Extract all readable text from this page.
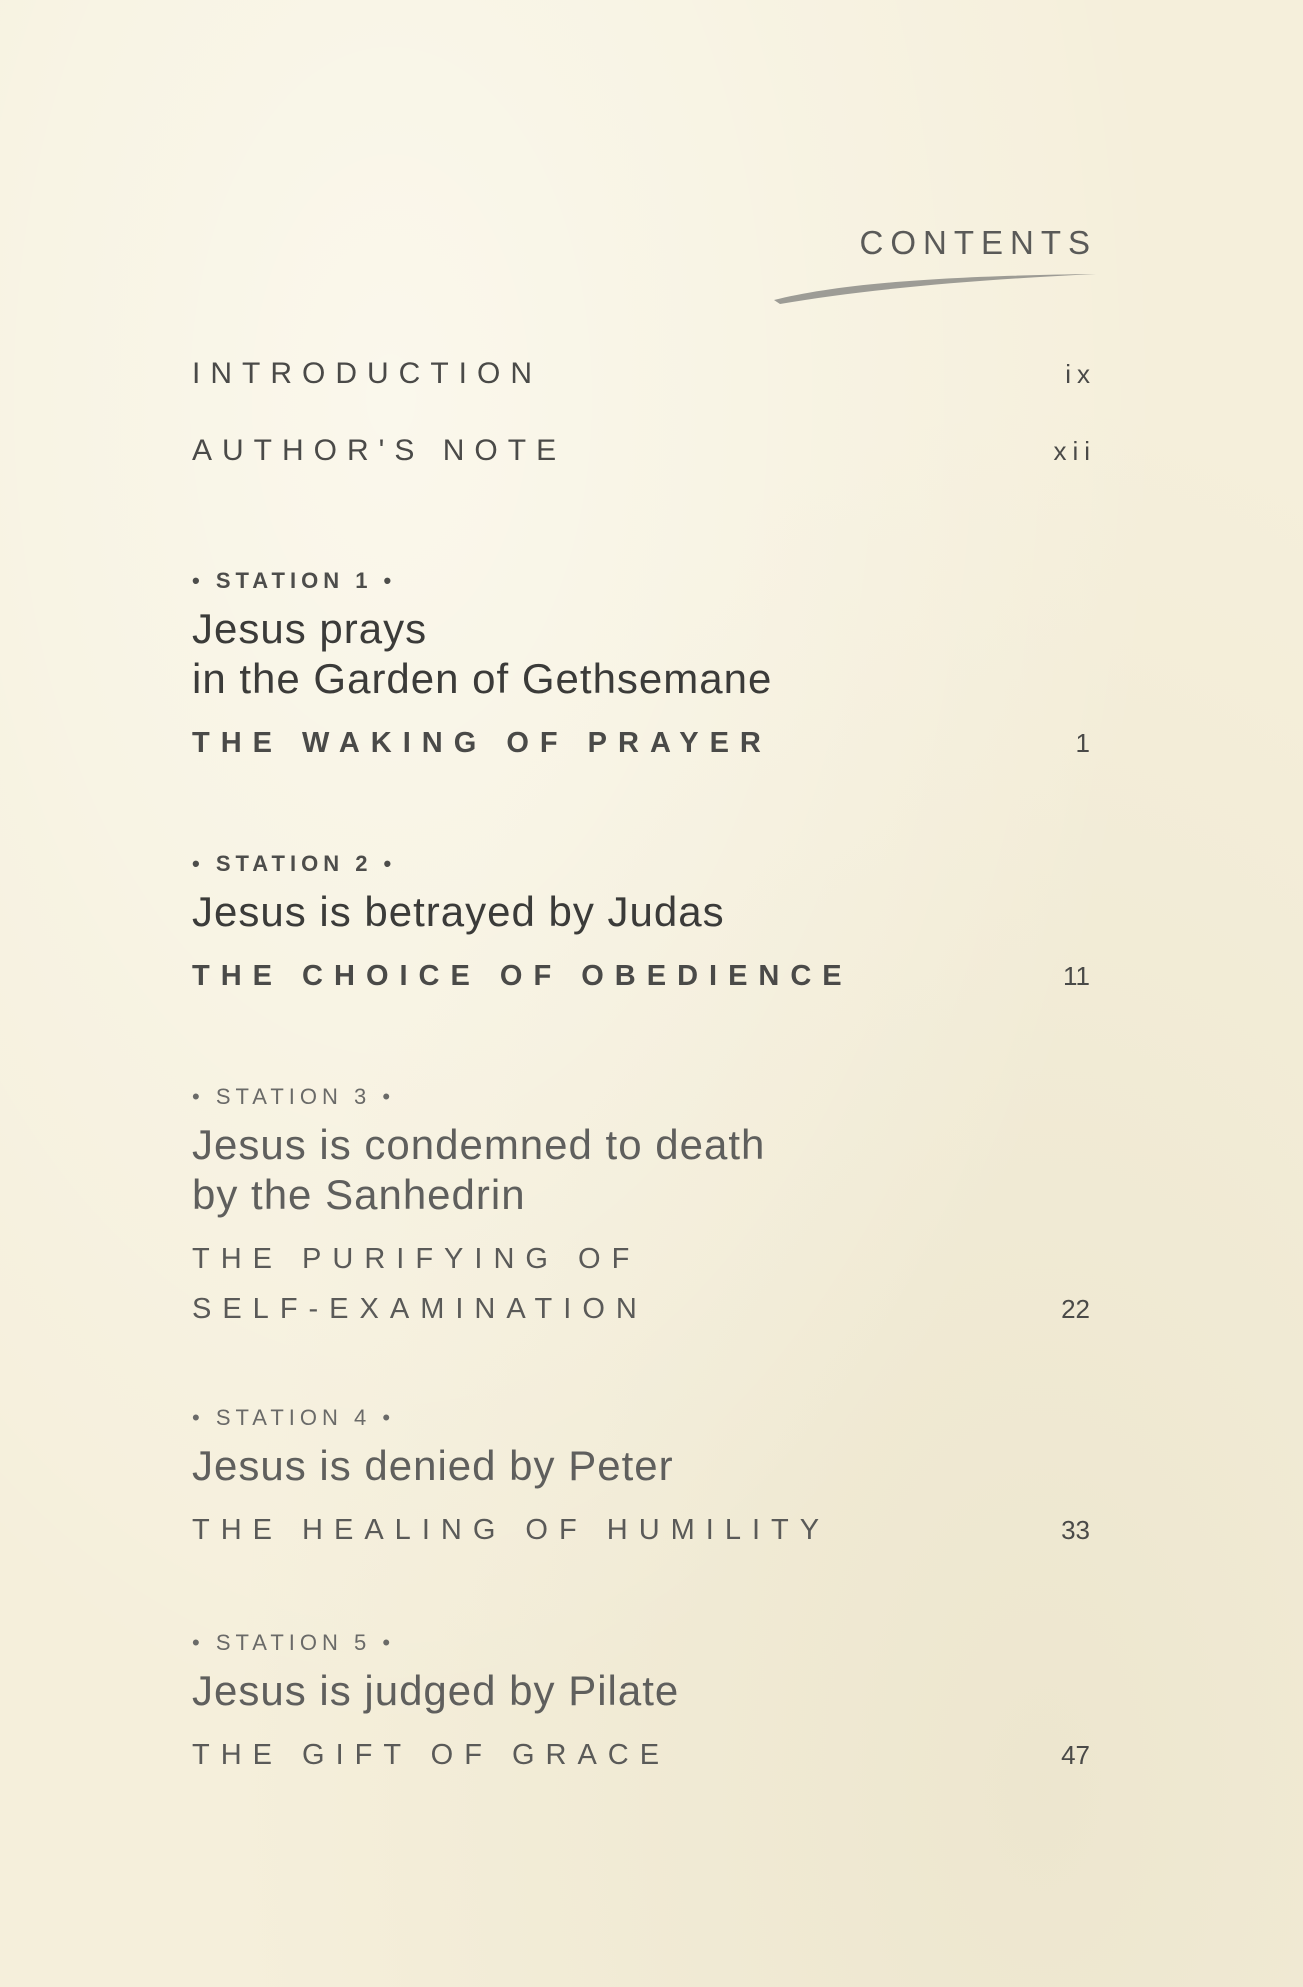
CONTENTS
INTRODUCTION	ix
AUTHOR'S NOTE	xii
• STATION 1 •
Jesus prays
in the Garden of Gethsemane
THE WAKING OF PRAYER	1
• STATION 2 •
Jesus is betrayed by Judas
THE CHOICE OF OBEDIENCE	11
• STATION 3 •
Jesus is condemned to death
by the Sanhedrin
THE PURIFYING OF
SELF-EXAMINATION	22
• STATION 4 •
Jesus is denied by Peter
THE HEALING OF HUMILITY	33
• STATION 5 •
Jesus is judged by Pilate
THE GIFT OF GRACE	47
